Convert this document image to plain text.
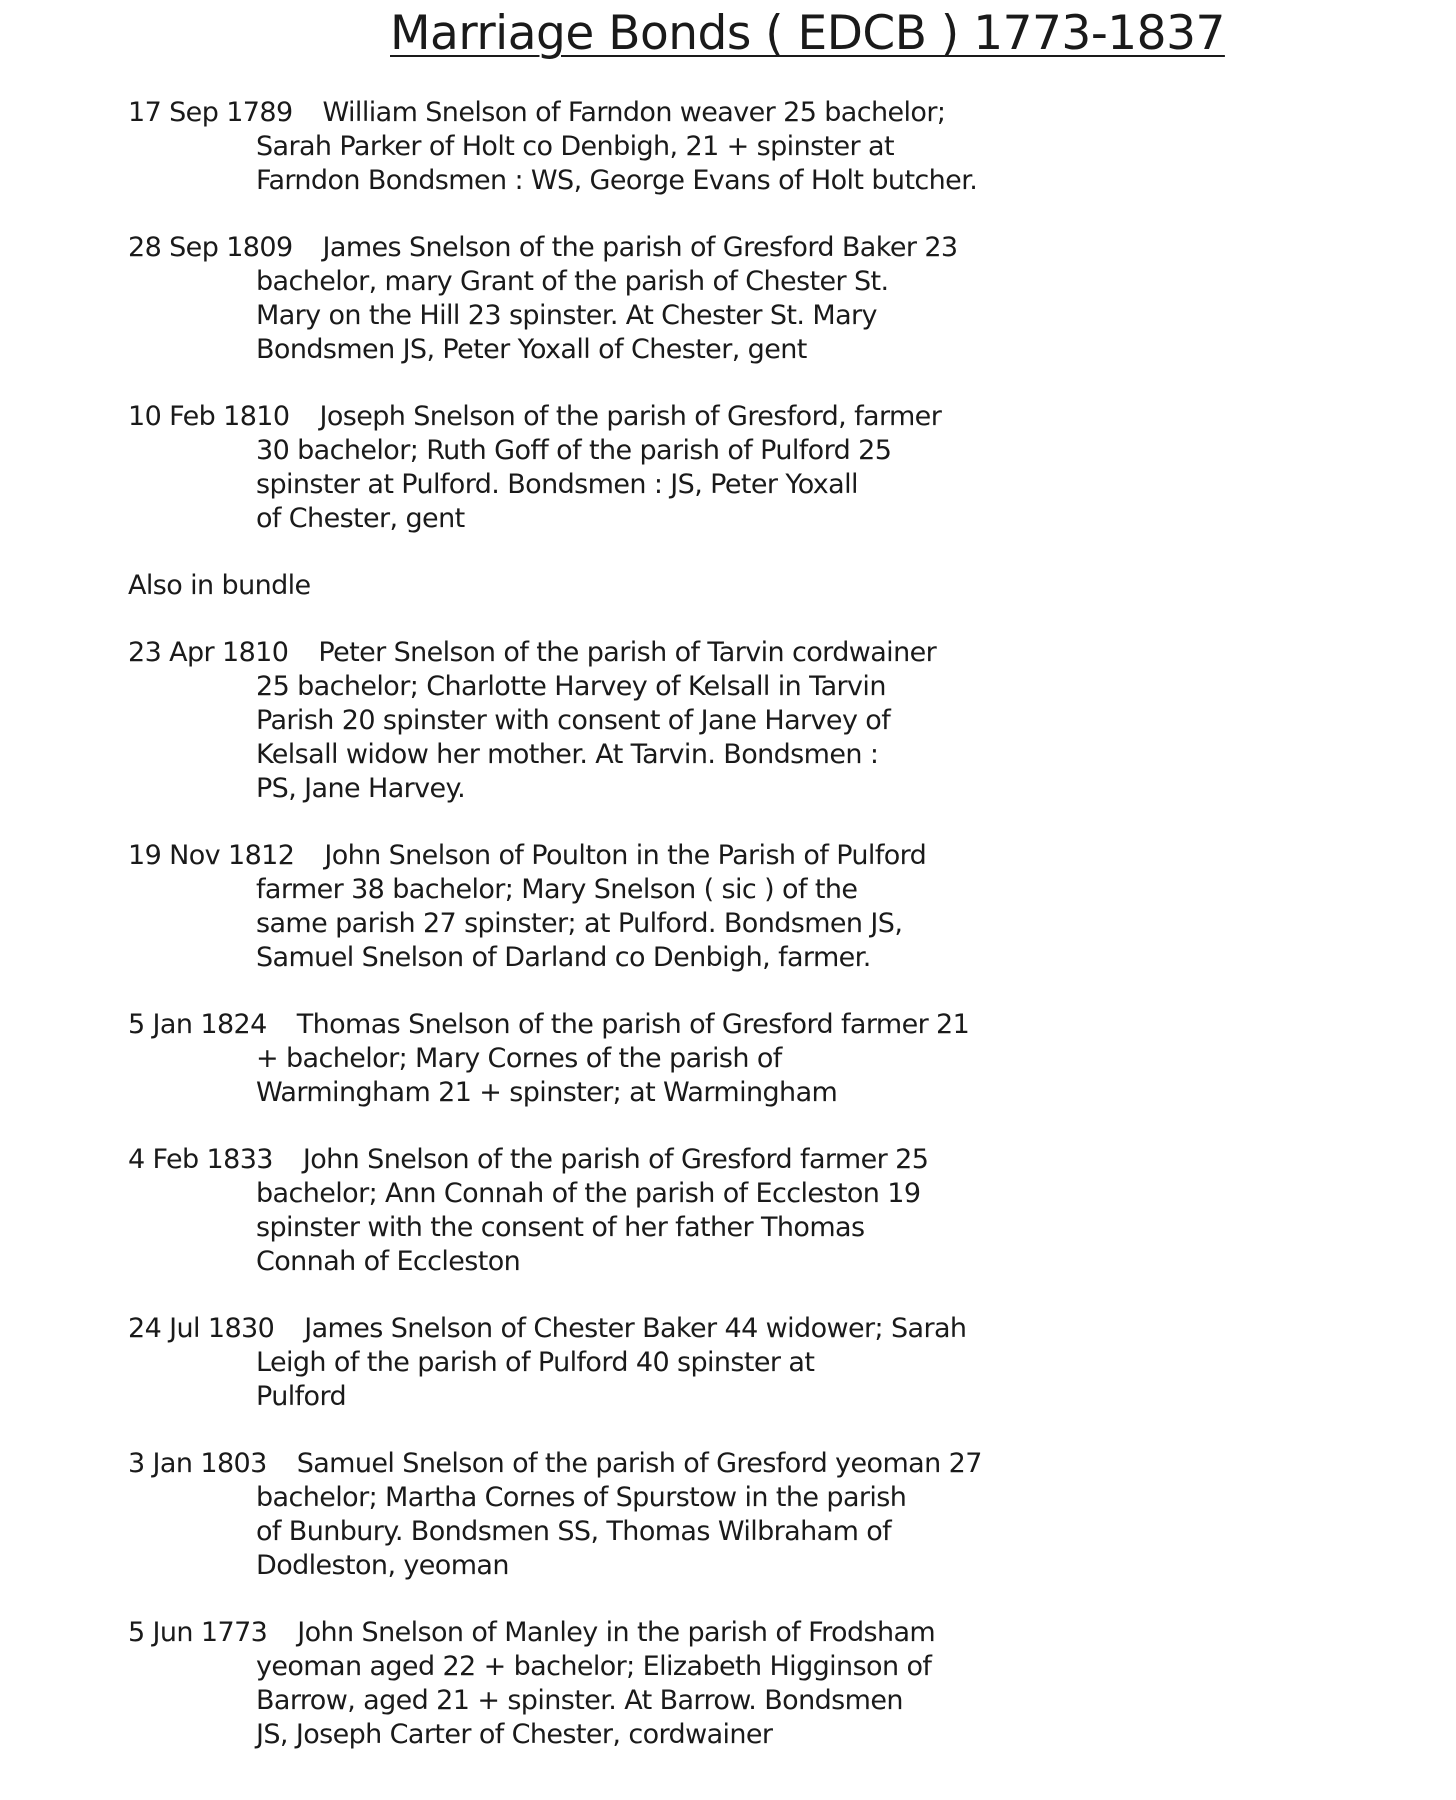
Marriage Bonds ( EDCB ) 1773-1837
17 Sep 1789 William Snelson of Farndon weaver 25 bachelor;
Sarah Parker of Holt co Denbigh, 21 + spinster at
Farndon Bondsmen : WS, George Evans of Holt butcher.
28 Sep 1809 James Snelson of the parish of Gresford Baker 23
bachelor, mary Grant of the parish of Chester St.
Mary on the Hill 23 spinster. At Chester St. Mary
Bondsmen JS, Peter Yoxall of Chester, gent
10 Feb 1810 Joseph Snelson of the parish of Gresford, farmer
30 bachelor; Ruth Goff of the parish of Pulford 25
spinster at Pulford. Bondsmen : JS, Peter Yoxall
of Chester, gent
Also in bundle
23 Apr 1810 Peter Snelson of the parish of Tarvin cordwainer
25 bachelor; Charlotte Harvey of Kelsall in Tarvin
Parish 20 spinster with consent of Jane Harvey of
Kelsall widow her mother. At Tarvin. Bondsmen :
PS, Jane Harvey.
19 Nov 1812 John Snelson of Poulton in the Parish of Pulford
farmer 38 bachelor; Mary Snelson ( sic ) of the
same parish 27 spinster; at Pulford. Bondsmen JS,
Samuel Snelson of Darland co Denbigh, farmer.
5 Jan 1824 Thomas Snelson of the parish of Gresford farmer 21
+ bachelor; Mary Cornes of the parish of
Warmingham 21 + spinster; at Warmingham
4 Feb 1833 John Snelson of the parish of Gresford farmer 25
bachelor; Ann Connah of the parish of Eccleston 19
spinster with the consent of her father Thomas
Connah of Eccleston
24 Jul 1830 James Snelson of Chester Baker 44 widower; Sarah
Leigh of the parish of Pulford 40 spinster at
Pulford
3 Jan 1803 Samuel Snelson of the parish of Gresford yeoman 27
bachelor; Martha Cornes of Spurstow in the parish
of Bunbury. Bondsmen SS, Thomas Wilbraham of
Dodleston, yeoman
5 Jun 1773 John Snelson of Manley in the parish of Frodsham
yeoman aged 22 + bachelor; Elizabeth Higginson of
Barrow, aged 21 + spinster. At Barrow. Bondsmen
JS, Joseph Carter of Chester, cordwainer
